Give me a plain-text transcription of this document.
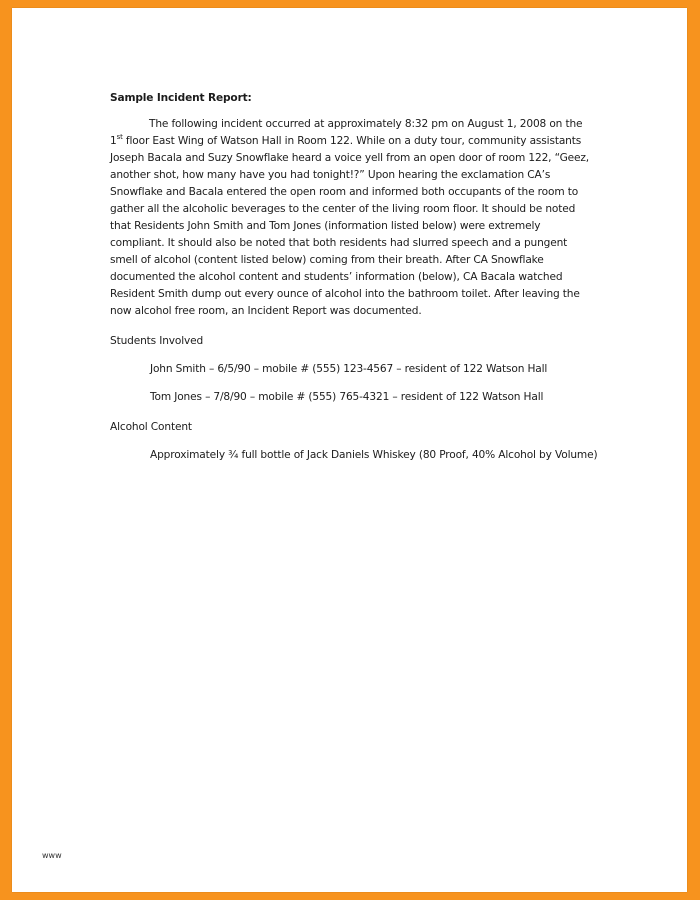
Sample Incident Report:

The following incident occurred at approximately 8:32 pm on August 1, 2008 on the 1st floor East Wing of Watson Hall in Room 122. While on a duty tour, community assistants Joseph Bacala and Suzy Snowflake heard a voice yell from an open door of room 122, “Geez, another shot, how many have you had tonight!?” Upon hearing the exclamation CA’s Snowflake and Bacala entered the open room and informed both occupants of the room to gather all the alcoholic beverages to the center of the living room floor. It should be noted that Residents John Smith and Tom Jones (information listed below) were extremely compliant. It should also be noted that both residents had slurred speech and a pungent smell of alcohol (content listed below) coming from their breath. After CA Snowflake documented the alcohol content and students’ information (below), CA Bacala watched Resident Smith dump out every ounce of alcohol into the bathroom toilet. After leaving the now alcohol free room, an Incident Report was documented.

Students Involved

John Smith – 6/5/90 – mobile # (555) 123-4567 – resident of 122 Watson Hall

Tom Jones – 7/8/90 – mobile # (555) 765-4321 – resident of 122 Watson Hall

Alcohol Content

Approximately ¾ full bottle of Jack Daniels Whiskey (80 Proof, 40% Alcohol by Volume)

www
